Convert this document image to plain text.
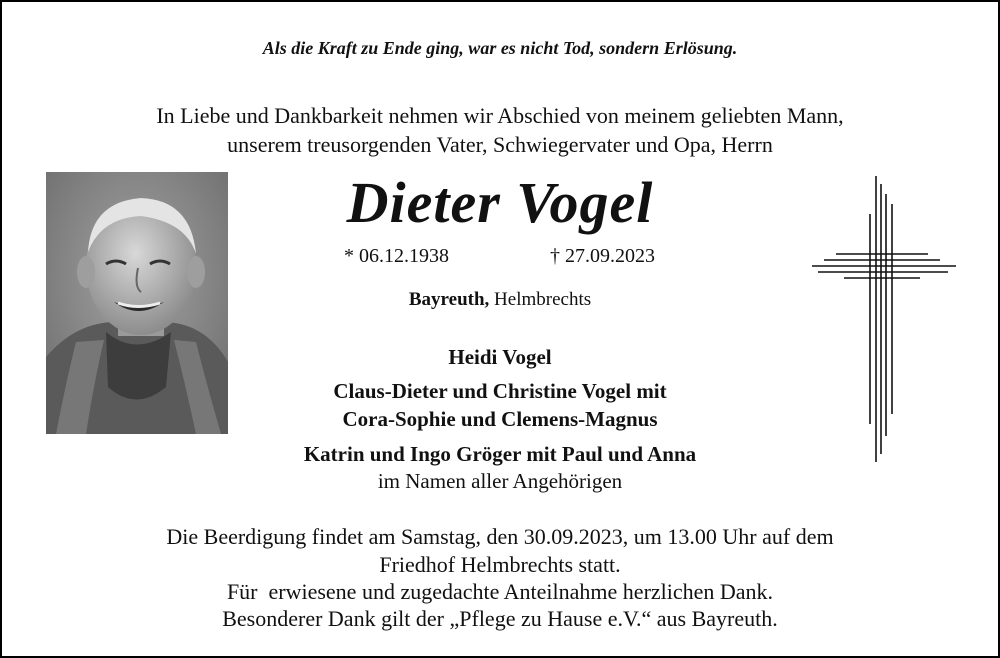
Als die Kraft zu Ende ging, war es nicht Tod, sondern Erlösung.
In Liebe und Dankbarkeit nehmen wir Abschied von meinem geliebten Mann,
unserem treusorgenden Vater, Schwiegervater und Opa, Herrn
Dieter Vogel
* 06.12.1938	† 27.09.2023
Bayreuth, Helmbrechts
Heidi Vogel
Claus-Dieter und Christine Vogel mit
Cora-Sophie und Clemens-Magnus
Katrin und Ingo Gröger mit Paul und Anna
im Namen aller Angehörigen
Die Beerdigung findet am Samstag, den 30.09.2023, um 13.00 Uhr auf dem
Friedhof Helmbrechts statt.
Für  erwiesene und zugedachte Anteilnahme herzlichen Dank.
Besonderer Dank gilt der „Pflege zu Hause e.V.“ aus Bayreuth.
